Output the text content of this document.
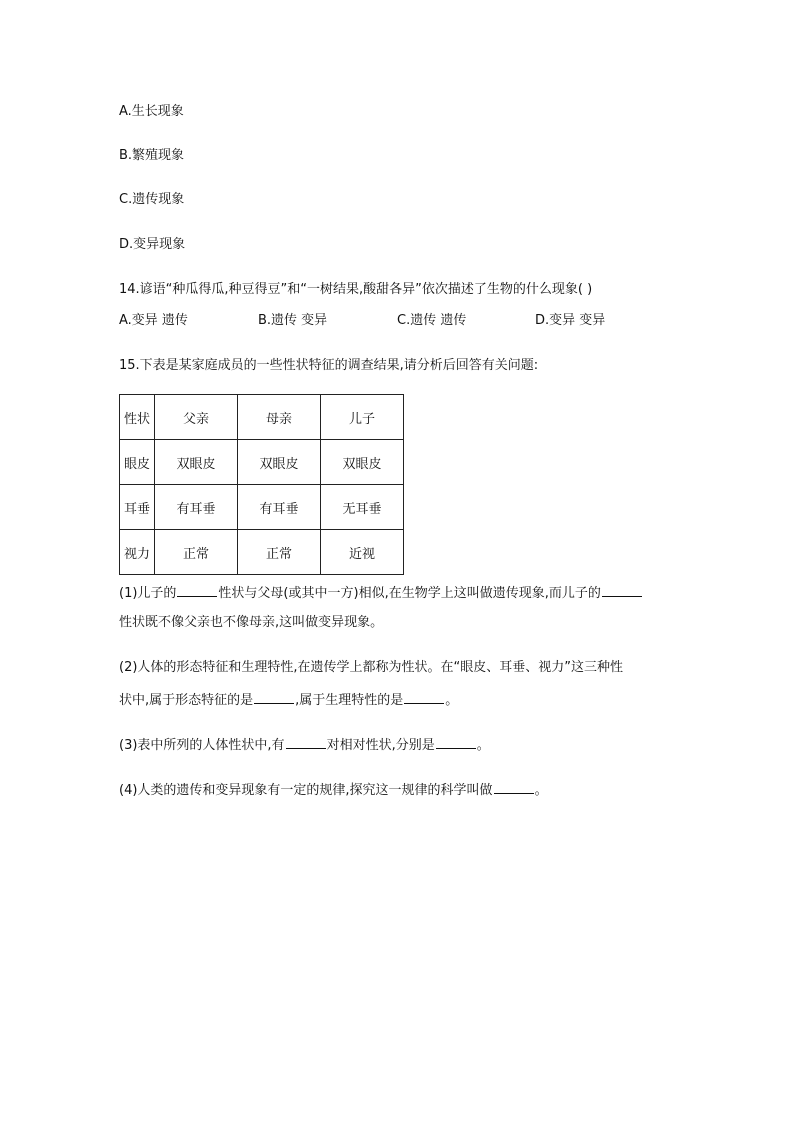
A.生长现象
B.繁殖现象
C.遗传现象
D.变异现象
14.谚语“种瓜得瓜,种豆得豆”和“一树结果,酸甜各异”依次描述了生物的什么现象( )
A.变异 遗传	B.遗传 变异	C.遗传 遗传	D.变异 变异
15.下表是某家庭成员的一些性状特征的调查结果,请分析后回答有关问题:
性状	父亲	母亲	儿子
眼皮	双眼皮	双眼皮	双眼皮
耳垂	有耳垂	有耳垂	无耳垂
视力	正常	正常	近视
(1)儿子的	性状与父母(或其中一方)相似,在生物学上这叫做遗传现象,而儿子的
性状既不像父亲也不像母亲,这叫做变异现象。
(2)人体的形态特征和生理特性,在遗传学上都称为性状。在“眼皮、耳垂、视力”这三种性
状中,属于形态特征的是	,属于生理特性的是	。
(3)表中所列的人体性状中,有	对相对性状,分别是	。
(4)人类的遗传和变异现象有一定的规律,探究这一规律的科学叫做	。
